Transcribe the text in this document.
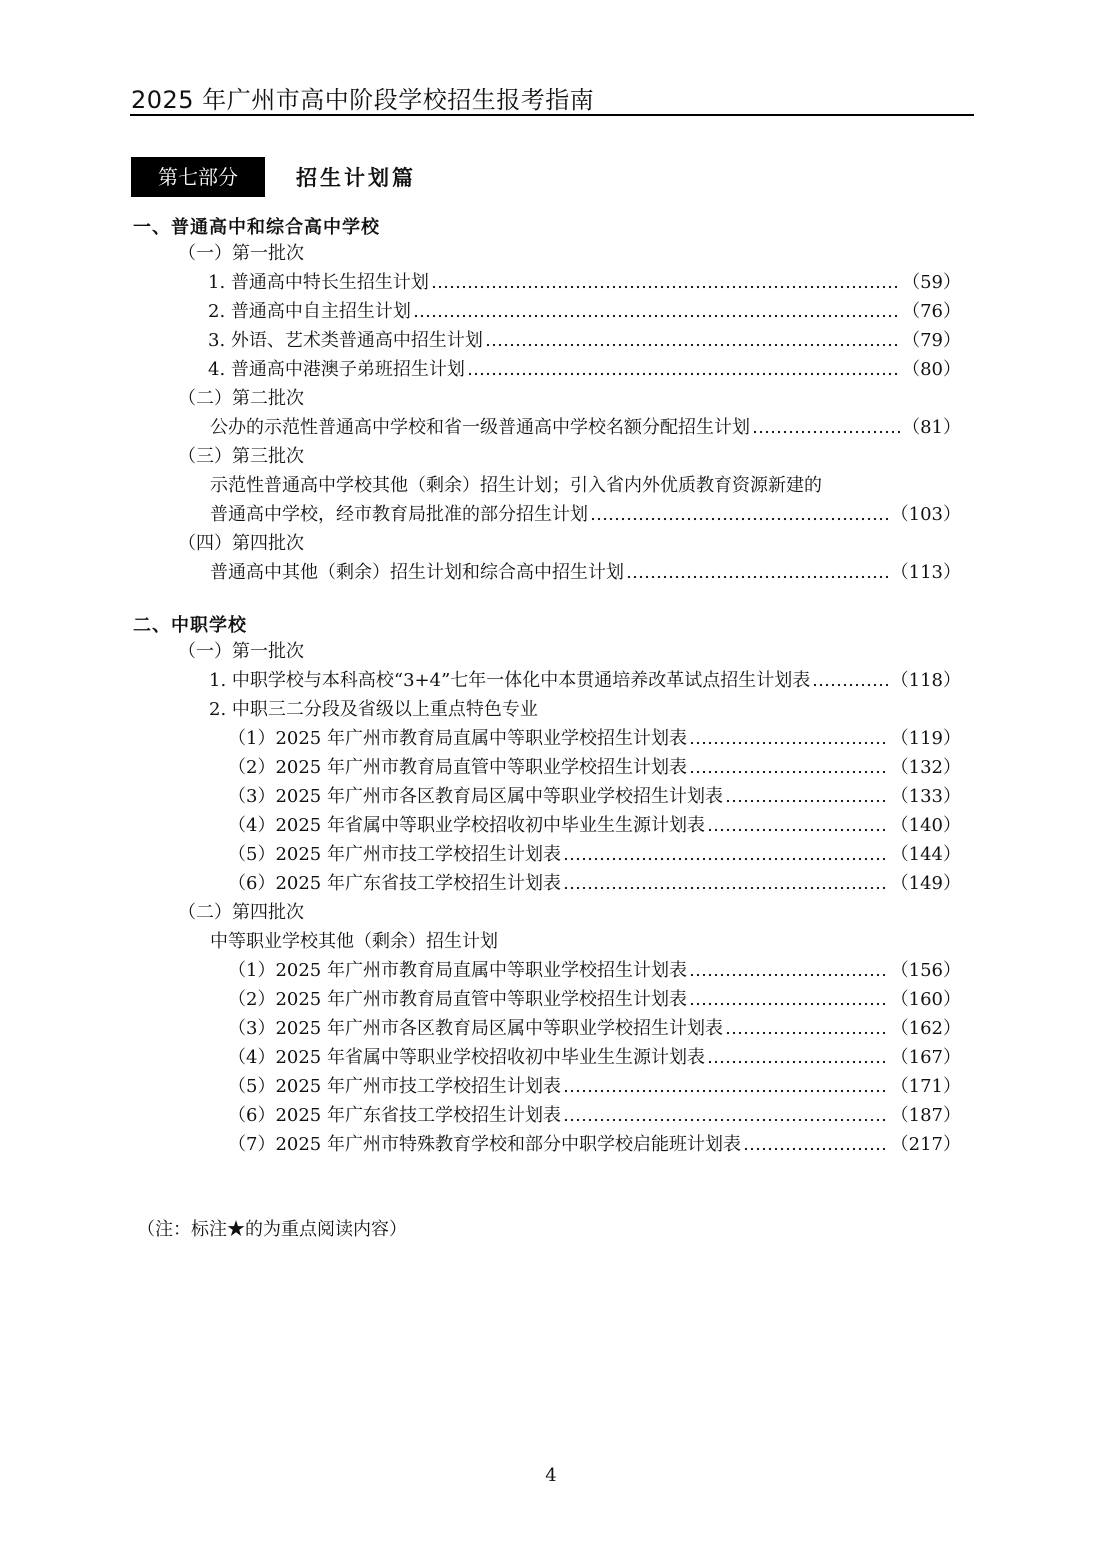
2025 年广州市高中阶段学校招生报考指南
第七部分	招生计划篇
一、普通高中和综合高中学校
（一）第一批次
1. 普通高中特长生招生计划	（59）
2. 普通高中自主招生计划	（76）
3. 外语、艺术类普通高中招生计划	（79）
4. 普通高中港澳子弟班招生计划	（80）
（二）第二批次
公办的示范性普通高中学校和省一级普通高中学校名额分配招生计划	（81）
（三）第三批次
示范性普通高中学校其他（剩余）招生计划；引入省内外优质教育资源新建的
普通高中学校，经市教育局批准的部分招生计划	（103）
（四）第四批次
普通高中其他（剩余）招生计划和综合高中招生计划	（113）
二、中职学校
（一）第一批次
1. 中职学校与本科高校“3+4”七年一体化中本贯通培养改革试点招生计划表	（118）
2. 中职三二分段及省级以上重点特色专业
（1）2025 年广州市教育局直属中等职业学校招生计划表	（119）
（2）2025 年广州市教育局直管中等职业学校招生计划表	（132）
（3）2025 年广州市各区教育局区属中等职业学校招生计划表	（133）
（4）2025 年省属中等职业学校招收初中毕业生生源计划表	（140）
（5）2025 年广州市技工学校招生计划表	（144）
（6）2025 年广东省技工学校招生计划表	（149）
（二）第四批次
中等职业学校其他（剩余）招生计划
（1）2025 年广州市教育局直属中等职业学校招生计划表	（156）
（2）2025 年广州市教育局直管中等职业学校招生计划表	（160）
（3）2025 年广州市各区教育局区属中等职业学校招生计划表	（162）
（4）2025 年省属中等职业学校招收初中毕业生生源计划表	（167）
（5）2025 年广州市技工学校招生计划表	（171）
（6）2025 年广东省技工学校招生计划表	（187）
（7）2025 年广州市特殊教育学校和部分中职学校启能班计划表	（217）
（注：标注★的为重点阅读内容）
4
